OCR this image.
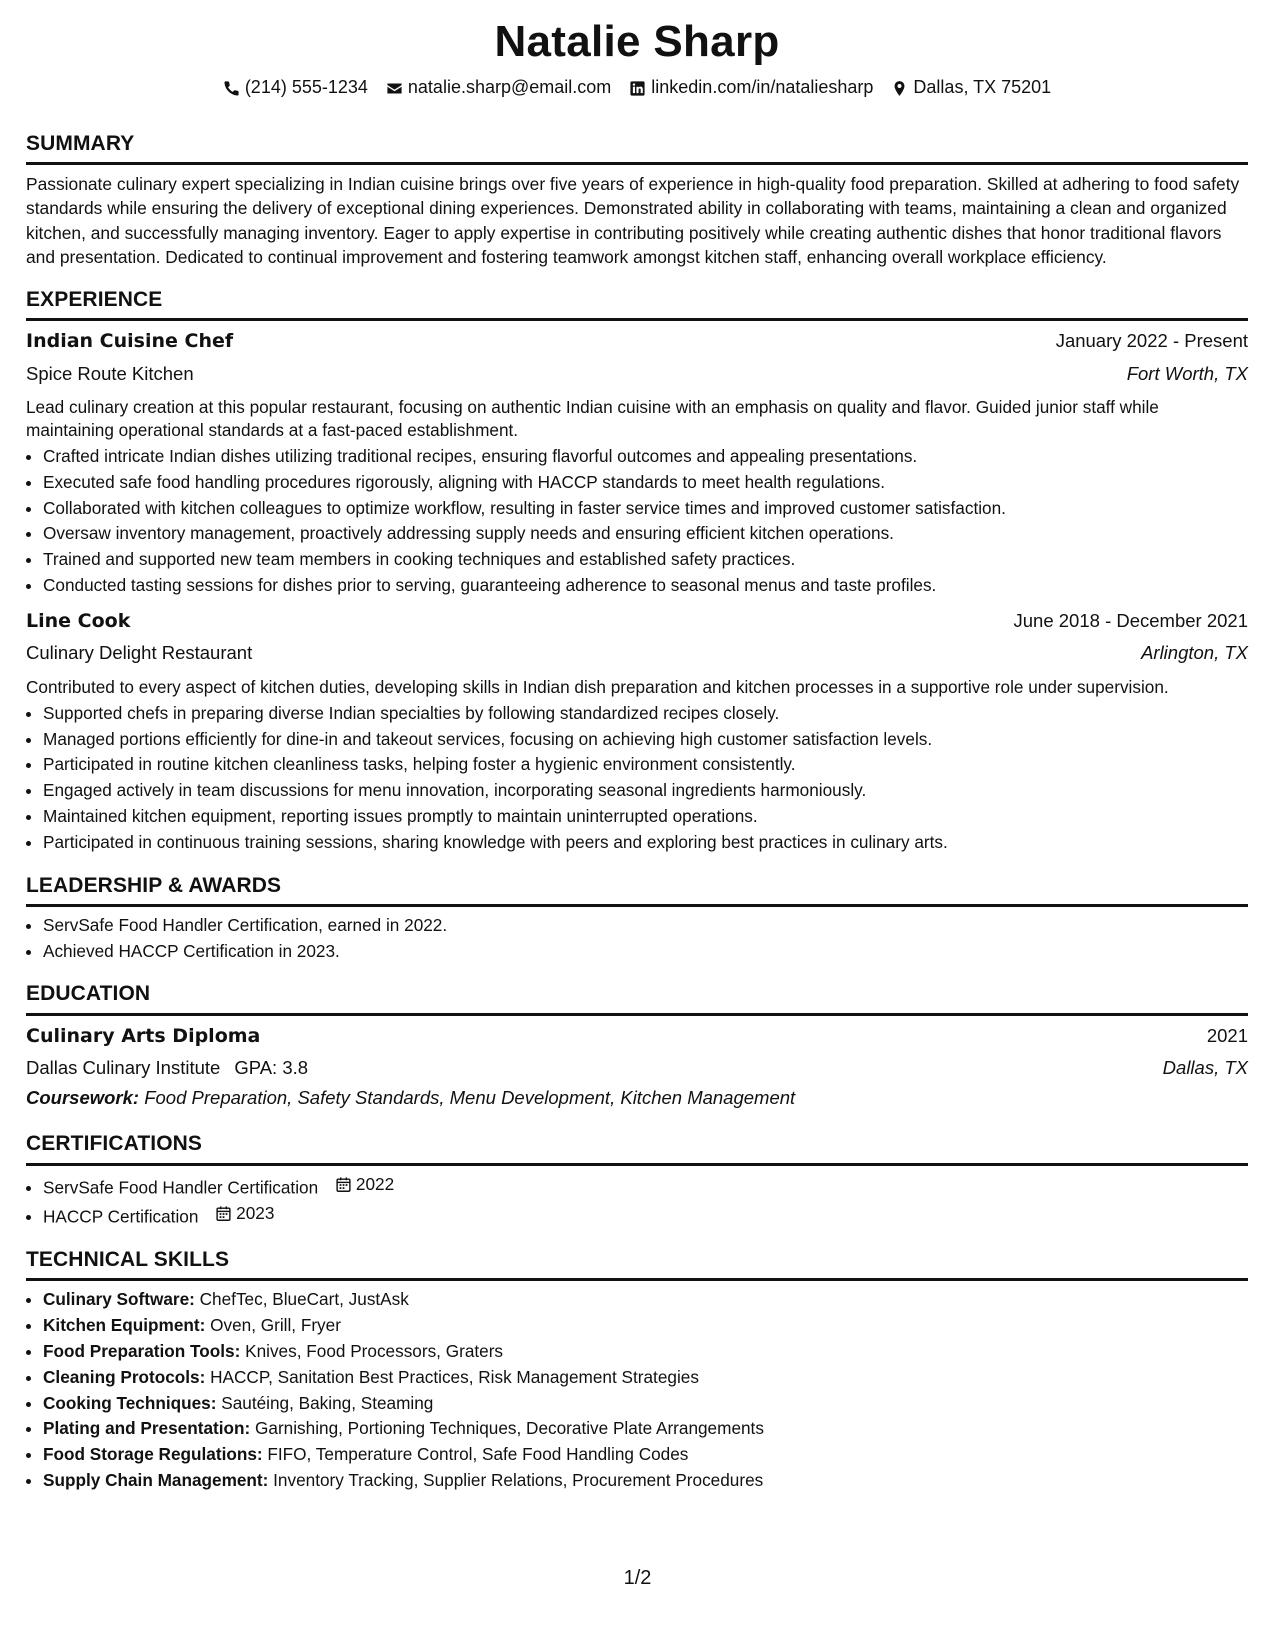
Natalie Sharp
(214) 555-1234 natalie.sharp@email.com linkedin.com/in/nataliesharp Dallas, TX 75201
SUMMARY

Passionate culinary expert specializing in Indian cuisine brings over five years of experience in high-quality food preparation. Skilled at adhering to food safety standards while ensuring the delivery of exceptional dining experiences. Demonstrated ability in collaborating with teams, maintaining a clean and organized kitchen, and successfully managing inventory. Eager to apply expertise in contributing positively while creating authentic dishes that honor traditional flavors and presentation. Dedicated to continual improvement and fostering teamwork amongst kitchen staff, enhancing overall workplace efficiency.

EXPERIENCE
Indian Cuisine Chef	January 2022 - Present
Spice Route Kitchen	Fort Worth, TX

Lead culinary creation at this popular restaurant, focusing on authentic Indian cuisine with an emphasis on quality and flavor. Guided junior staff while maintaining operational standards at a fast-paced establishment.

• Crafted intricate Indian dishes utilizing traditional recipes, ensuring flavorful outcomes and appealing presentations.
• Executed safe food handling procedures rigorously, aligning with HACCP standards to meet health regulations.
• Collaborated with kitchen colleagues to optimize workflow, resulting in faster service times and improved customer satisfaction.
• Oversaw inventory management, proactively addressing supply needs and ensuring efficient kitchen operations.
• Trained and supported new team members in cooking techniques and established safety practices.
• Conducted tasting sessions for dishes prior to serving, guaranteeing adherence to seasonal menus and taste profiles.
Line Cook	June 2018 - December 2021
Culinary Delight Restaurant	Arlington, TX

Contributed to every aspect of kitchen duties, developing skills in Indian dish preparation and kitchen processes in a supportive role under supervision.

• Supported chefs in preparing diverse Indian specialties by following standardized recipes closely.
• Managed portions efficiently for dine-in and takeout services, focusing on achieving high customer satisfaction levels.
• Participated in routine kitchen cleanliness tasks, helping foster a hygienic environment consistently.
• Engaged actively in team discussions for menu innovation, incorporating seasonal ingredients harmoniously.
• Maintained kitchen equipment, reporting issues promptly to maintain uninterrupted operations.
• Participated in continuous training sessions, sharing knowledge with peers and exploring best practices in culinary arts.
LEADERSHIP & AWARDS
• ServSafe Food Handler Certification, earned in 2022.
• Achieved HACCP Certification in 2023.
EDUCATION
Culinary Arts Diploma	2021
Dallas Culinary Institute GPA: 3.8	Dallas, TX
Coursework: Food Preparation, Safety Standards, Menu Development, Kitchen Management
CERTIFICATIONS
• ServSafe Food Handler Certification 2022
• HACCP Certification 2023
TECHNICAL SKILLS
• Culinary Software: ChefTec, BlueCart, JustAsk
• Kitchen Equipment: Oven, Grill, Fryer
• Food Preparation Tools: Knives, Food Processors, Graters
• Cleaning Protocols: HACCP, Sanitation Best Practices, Risk Management Strategies
• Cooking Techniques: Sautéing, Baking, Steaming
• Plating and Presentation: Garnishing, Portioning Techniques, Decorative Plate Arrangements
• Food Storage Regulations: FIFO, Temperature Control, Safe Food Handling Codes
• Supply Chain Management: Inventory Tracking, Supplier Relations, Procurement Procedures
1/2
